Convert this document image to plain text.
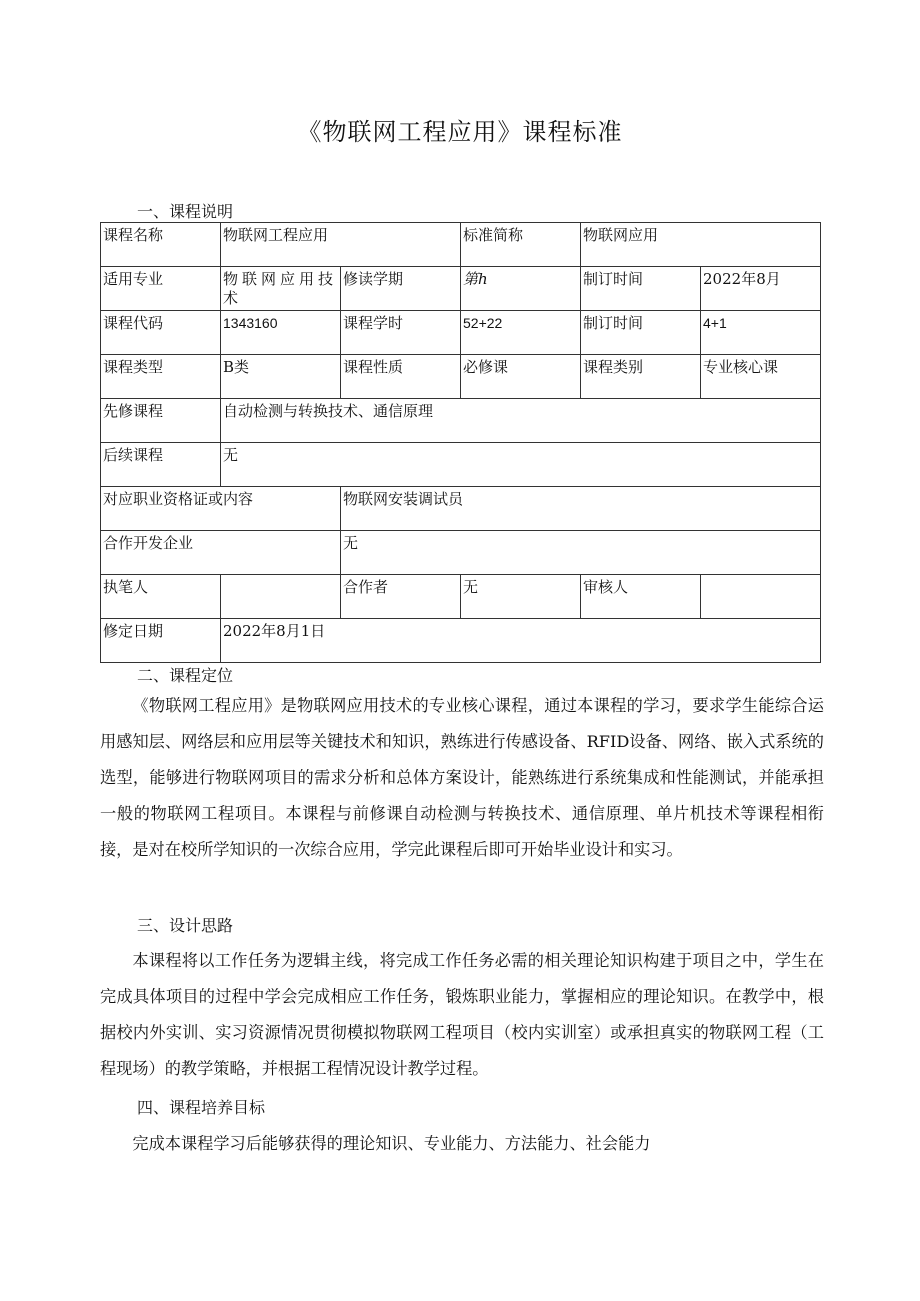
《物联网工程应用》课程标准
一、课程说明
课程名称	物联网工程应用		标准简称	物联网应用	
适用专业	物联网应用技术	修读学期	第h	制订时间	2022年8月
课程代码	1343160	课程学时	52+22	制订时间	4+1
课程类型	B类	课程性质	必修课	课程类别	专业核心课
先修课程	自动检测与转换技术、通信原理				
后续课程	无				
对应职业资格证或内容		物联网安装调试员			
合作开发企业		无			
执笔人		合作者	无	审核人	
修定日期	2022年8月1日				
二、课程定位
《物联网工程应用》是物联网应用技术的专业核心课程，通过本课程的学习，要求学生能综合运用感知层、网络层和应用层等关键技术和知识，熟练进行传感设备、RFID设备、网络、嵌入式系统的选型，能够进行物联网项目的需求分析和总体方案设计，能熟练进行系统集成和性能测试，并能承担一般的物联网工程项目。本课程与前修课自动检测与转换技术、通信原理、单片机技术等课程相衔接，是对在校所学知识的一次综合应用，学完此课程后即可开始毕业设计和实习。
三、设计思路
本课程将以工作任务为逻辑主线，将完成工作任务必需的相关理论知识构建于项目之中，学生在完成具体项目的过程中学会完成相应工作任务，锻炼职业能力，掌握相应的理论知识。在教学中，根据校内外实训、实习资源情况贯彻模拟物联网工程项目（校内实训室）或承担真实的物联网工程（工程现场）的教学策略，并根据工程情况设计教学过程。
四、课程培养目标
完成本课程学习后能够获得的理论知识、专业能力、方法能力、社会能力
